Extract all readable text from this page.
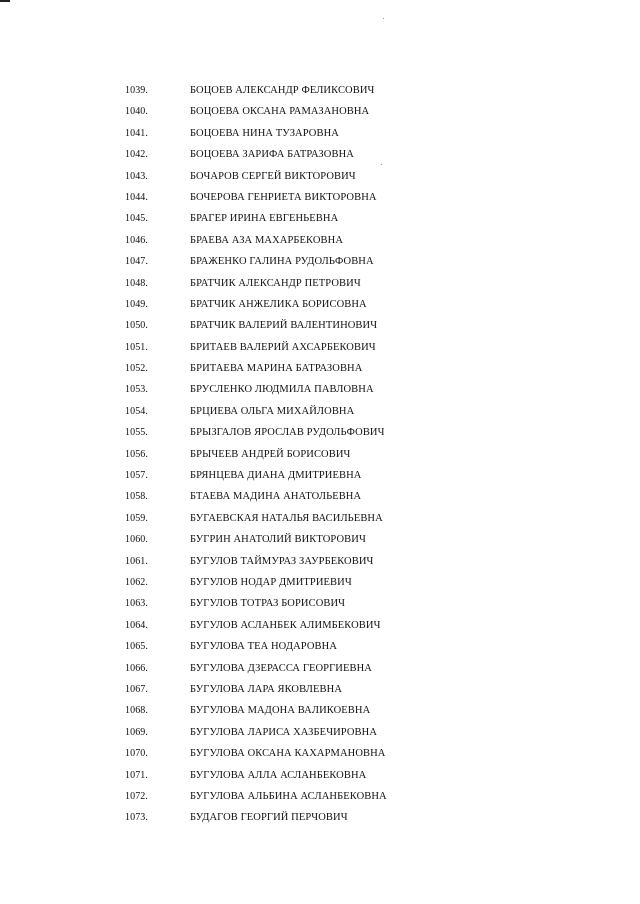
1039.	БОЦОЕВ АЛЕКСАНДР ФЕЛИКСОВИЧ
1040.	БОЦОЕВА ОКСАНА РАМАЗАНОВНА
1041.	БОЦОЕВА НИНА ТУЗАРОВНА
1042.	БОЦОЕВА ЗАРИФА БАТРАЗОВНА
1043.	БОЧАРОВ СЕРГЕЙ ВИКТОРОВИЧ
1044.	БОЧЕРОВА ГЕНРИЕТА ВИКТОРОВНА
1045.	БРАГЕР ИРИНА ЕВГЕНЬЕВНА
1046.	БРАЕВА АЗА МАХАРБЕКОВНА
1047.	БРАЖЕНКО ГАЛИНА РУДОЛЬФОВНА
1048.	БРАТЧИК АЛЕКСАНДР ПЕТРОВИЧ
1049.	БРАТЧИК АНЖЕЛИКА БОРИСОВНА
1050.	БРАТЧИК ВАЛЕРИЙ ВАЛЕНТИНОВИЧ
1051.	БРИТАЕВ ВАЛЕРИЙ АХСАРБЕКОВИЧ
1052.	БРИТАЕВА МАРИНА БАТРАЗОВНА
1053.	БРУСЛЕНКО ЛЮДМИЛА ПАВЛОВНА
1054.	БРЦИЕВА ОЛЬГА МИХАЙЛОВНА
1055.	БРЫЗГАЛОВ ЯРОСЛАВ РУДОЛЬФОВИЧ
1056.	БРЫЧЕЕВ АНДРЕЙ БОРИСОВИЧ
1057.	БРЯНЦЕВА ДИАНА ДМИТРИЕВНА
1058.	БТАЕВА МАДИНА АНАТОЛЬЕВНА
1059.	БУГАЕВСКАЯ НАТАЛЬЯ ВАСИЛЬЕВНА
1060.	БУГРИН АНАТОЛИЙ ВИКТОРОВИЧ
1061.	БУГУЛОВ ТАЙМУРАЗ ЗАУРБЕКОВИЧ
1062.	БУГУЛОВ НОДАР ДМИТРИЕВИЧ
1063.	БУГУЛОВ ТОТРАЗ БОРИСОВИЧ
1064.	БУГУЛОВ АСЛАНБЕК АЛИМБЕКОВИЧ
1065.	БУГУЛОВА ТЕА НОДАРОВНА
1066.	БУГУЛОВА ДЗЕРАССА ГЕОРГИЕВНА
1067.	БУГУЛОВА ЛАРА ЯКОВЛЕВНА
1068.	БУГУЛОВА МАДОНА ВАЛИКОЕВНА
1069.	БУГУЛОВА ЛАРИСА ХАЗБЕЧИРОВНА
1070.	БУГУЛОВА ОКСАНА КАХАРМАНОВНА
1071.	БУГУЛОВА АЛЛА АСЛАНБЕКОВНА
1072.	БУГУЛОВА АЛЬБИНА АСЛАНБЕКОВНА
1073.	БУДАГОВ ГЕОРГИЙ ПЕРЧОВИЧ
